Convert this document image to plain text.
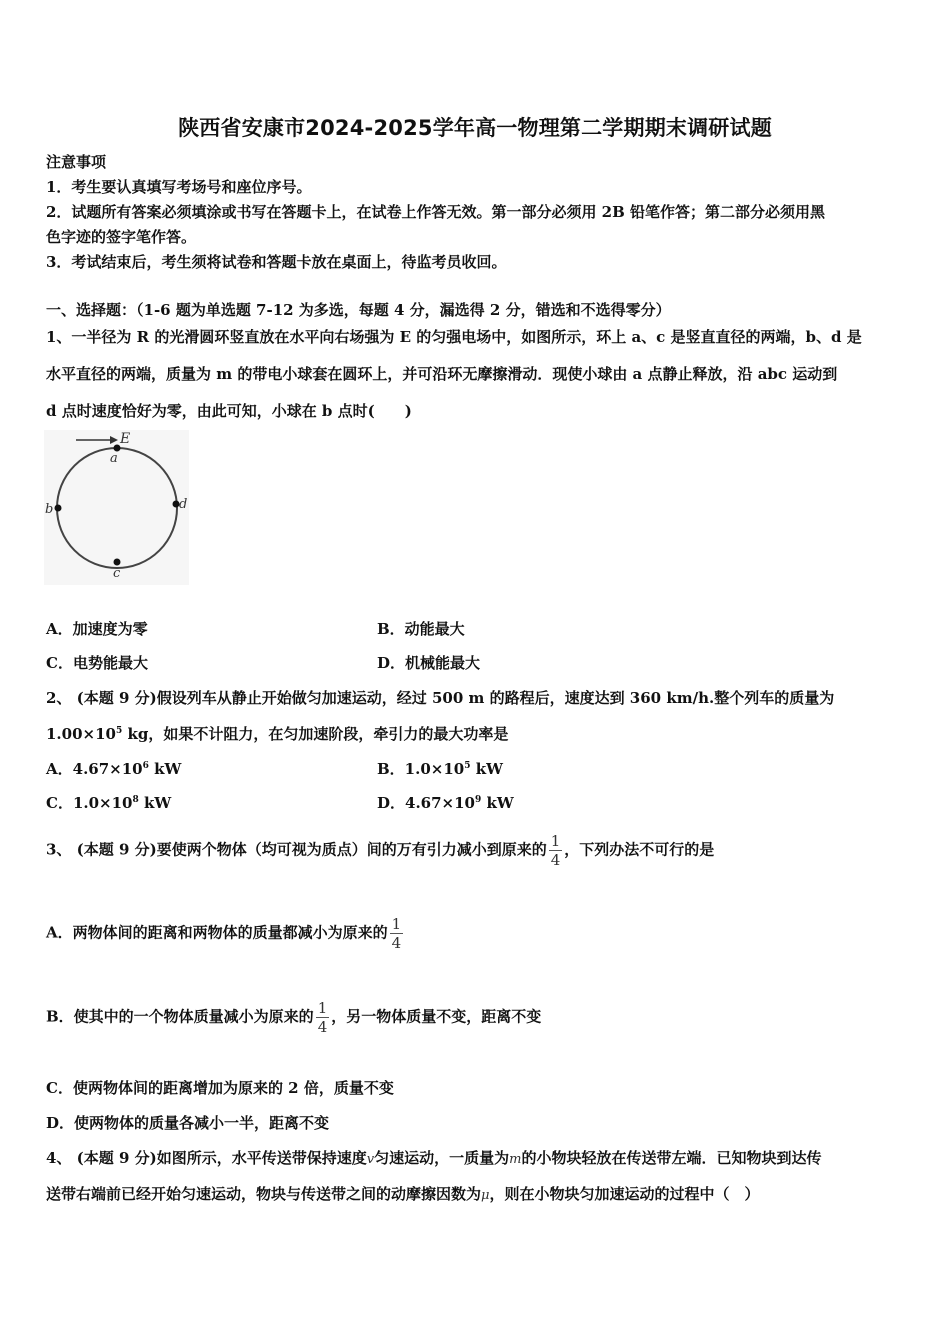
陕西省安康市2024-2025学年高一物理第二学期期末调研试题
注意事项
1．考生要认真填写考场号和座位序号。
2．试题所有答案必须填涂或书写在答题卡上，在试卷上作答无效。第一部分必须用 2B 铅笔作答；第二部分必须用黑
色字迹的签字笔作答。
3．考试结束后，考生须将试卷和答题卡放在桌面上，待监考员收回。
一、选择题：（1-6 题为单选题 7-12 为多选，每题 4 分，漏选得 2 分，错选和不选得零分）
1、一半径为 R 的光滑圆环竖直放在水平向右场强为 E 的匀强电场中，如图所示，环上 a、c 是竖直直径的两端，b、d 是
水平直径的两端，质量为 m 的带电小球套在圆环上，并可沿环无摩擦滑动．现使小球由 a 点静止释放，沿 abc 运动到
d 点时速度恰好为零，由此可知，小球在 b 点时(　　)
E
a
b	d
c
A．加速度为零	B．动能最大
C．电势能最大	D．机械能最大
2、 (本题 9 分)假设列车从静止开始做匀加速运动，经过 500 m 的路程后，速度达到 360 km/h.整个列车的质量为
$1.00\times 10^5$ kg，如果不计阻力，在匀加速阶段，牵引力的最大功率是
A．$4.67\times 10^6$ kW	B．$1.0\times 10^5$ kW
C．$1.0\times 10^8$ kW	D．$4.67\times 10^9$ kW
3、 (本题 9 分)要使两个物体（均可视为质点）间的万有引力减小到原来的 $\frac{1}{4}$ ，下列办法不可行的是
A．两物体间的距离和两物体的质量都减小为原来的 $\frac{1}{4}$
B．使其中的一个物体质量减小为原来的 $\frac{1}{4}$ ，另一物体质量不变，距离不变
C．使两物体间的距离增加为原来的 2 倍，质量不变
D．使两物体的质量各减小一半，距离不变
4、 (本题 9 分)如图所示，水平传送带保持速度v匀速运动，一质量为m的小物块轻放在传送带左端．已知物块到达传
送带右端前已经开始匀速运动，物块与传送带之间的动摩擦因数为μ，则在小物块匀加速运动的过程中（　）
